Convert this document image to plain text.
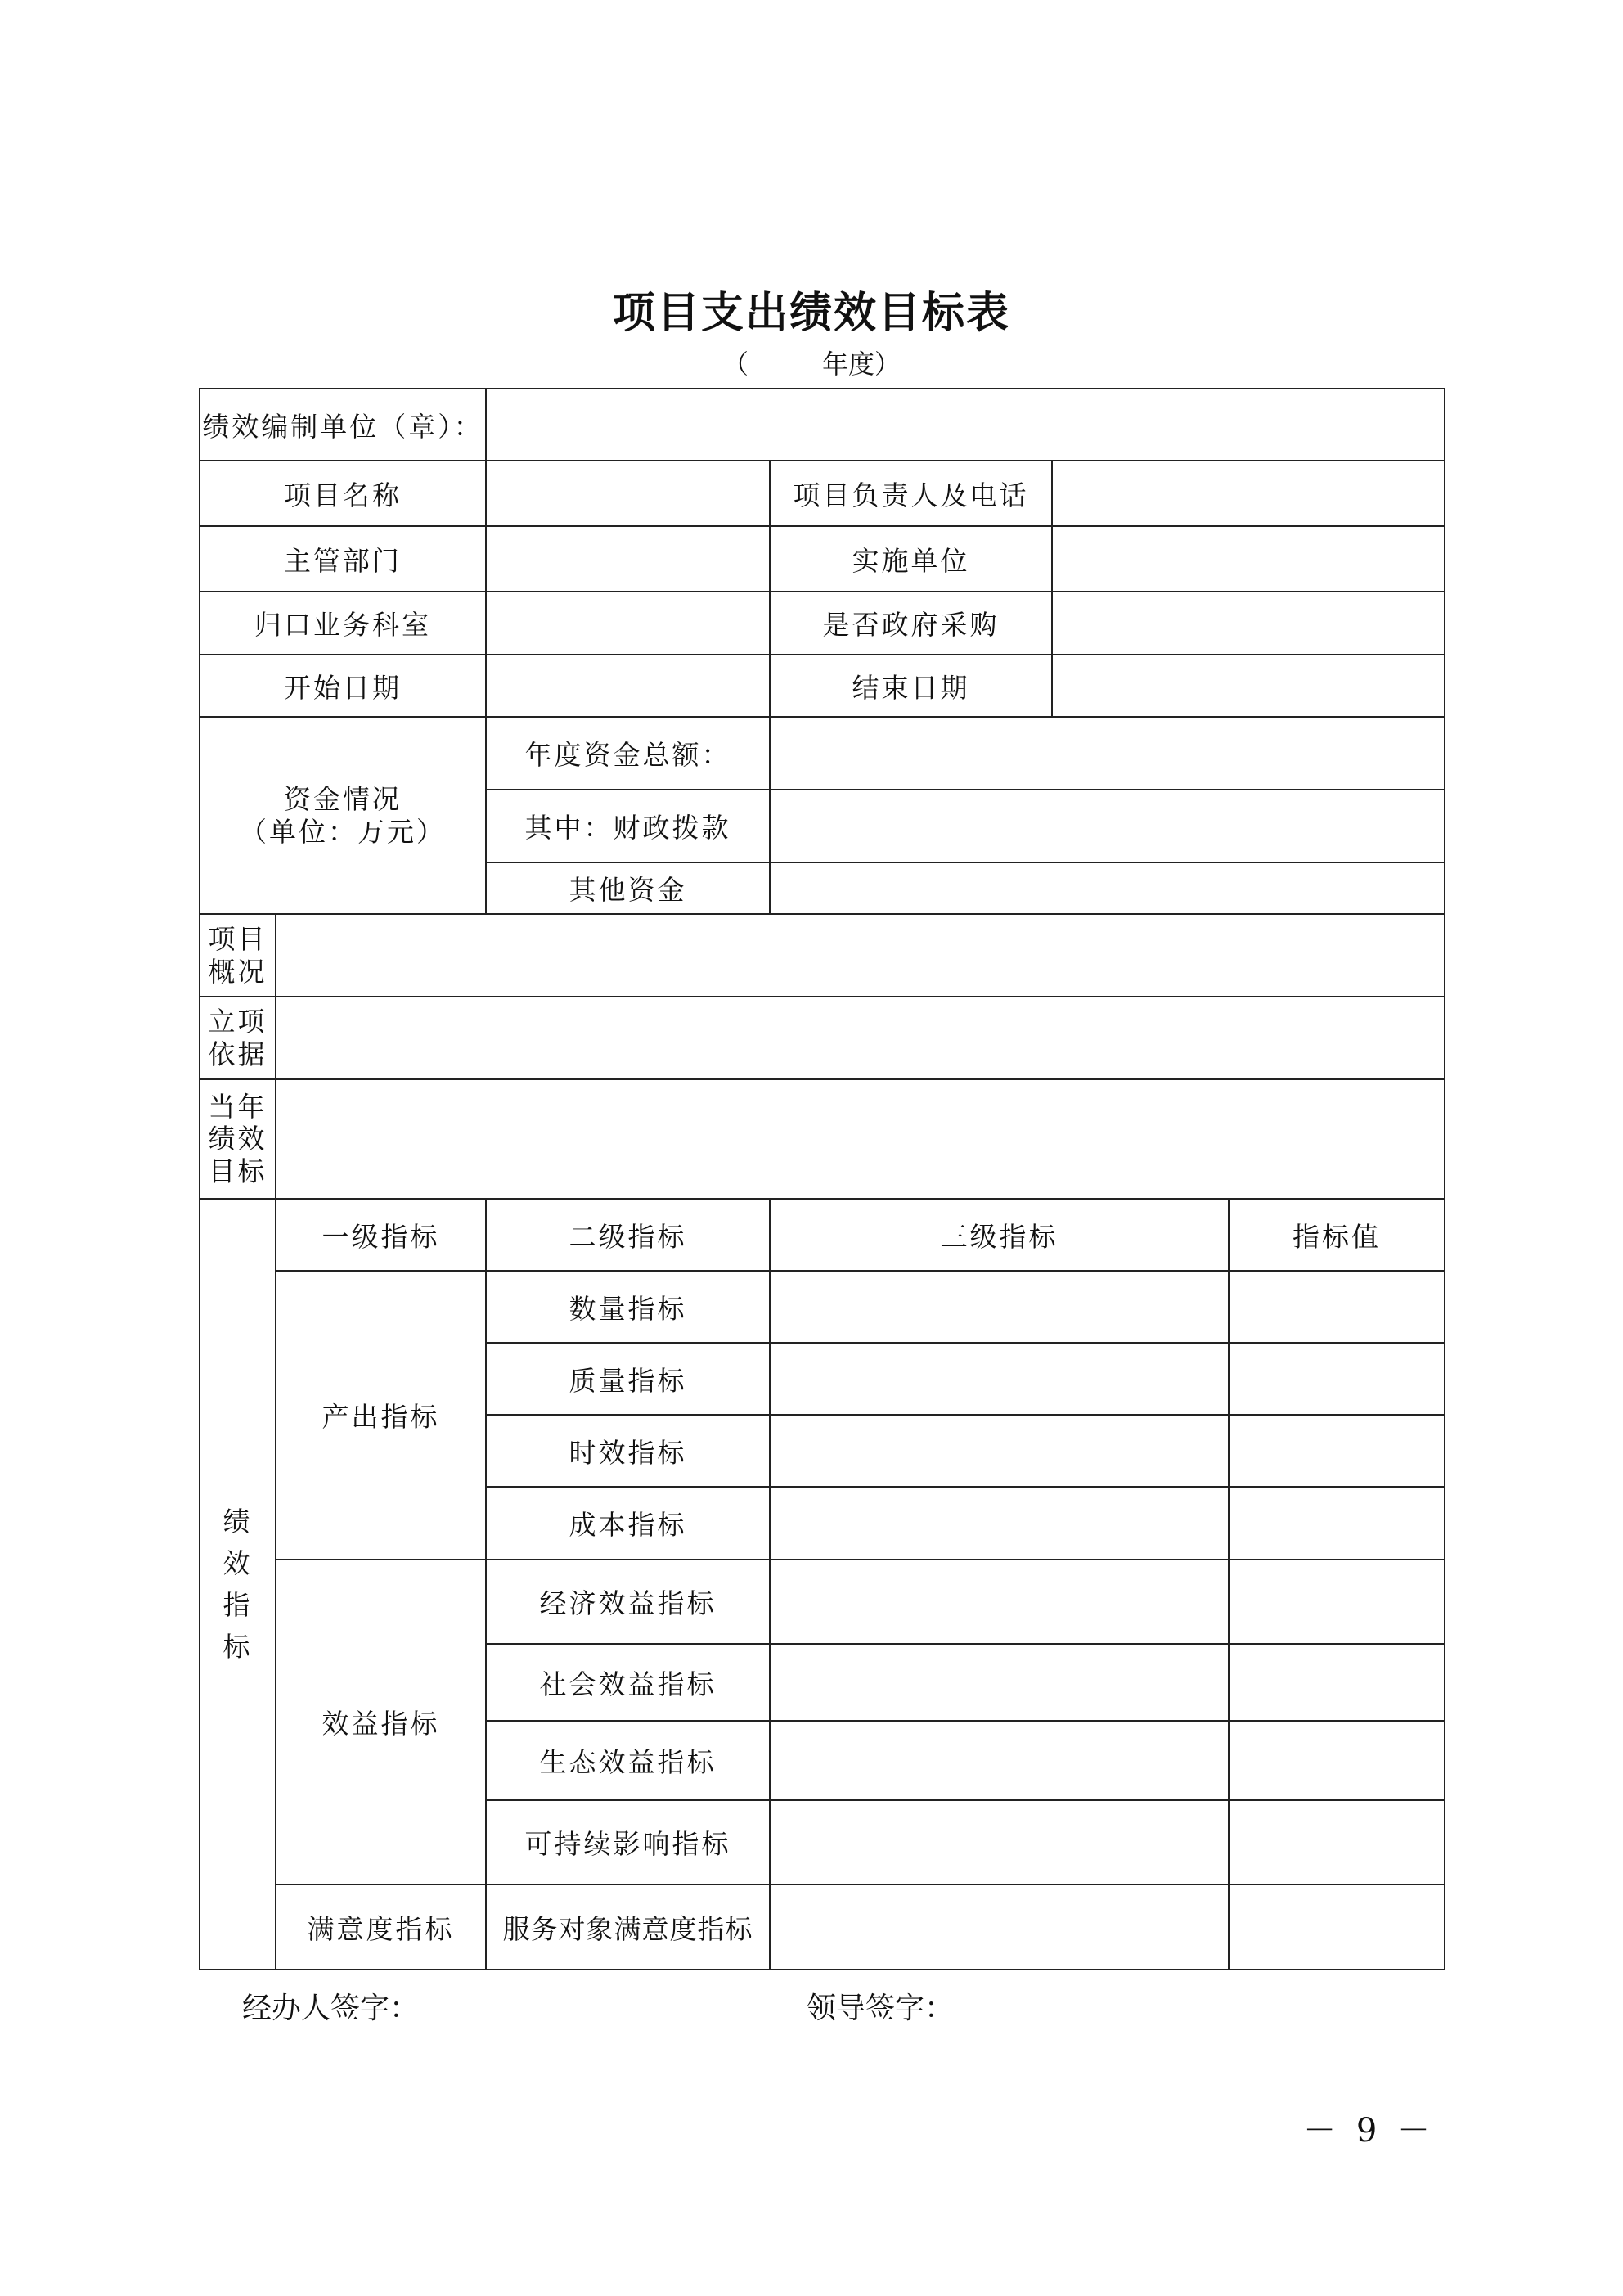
项目支出绩效目标表
（	年度）
绩效编制单位（章）：					

项目名称			项目负责人及电话		

主管部门			实施单位		

归口业务科室			是否政府采购		

开始日期			结束日期		

资金情况
（单位：万元）		年度资金总额：			

		其中：财政拨款			

		其他资金			

项目
概况					

立项
依据					

当年
绩效
目标					

绩
效
指
标	一级指标	二级指标	三级指标		指标值
	产出指标	数量指标			
		质量指标			
		时效指标			
		成本指标			
	效益指标	经济效益指标			
		社会效益指标			
		生态效益指标			
		可持续影响指标			
	满意度指标	服务对象满意度指标			
经办人签字：	领导签字：
－ 9 －
